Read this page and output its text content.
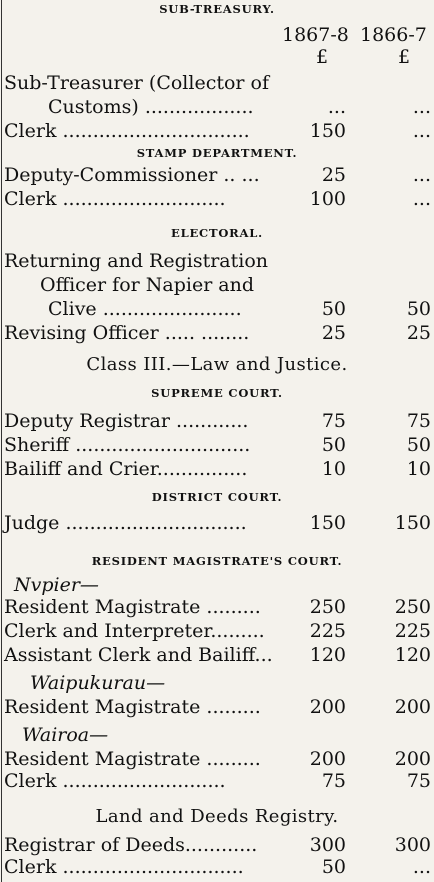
SUB-TREASURY.
1867-8 1866-7
£	£
Sub-Treasurer (Collector of
Customs) ..................	...	...
Clerk ...............................	150	...
STAMP DEPARTMENT.
Deputy-Commissioner .. ...	25	...
Clerk ...........................	100	...
ELECTORAL.
Returning and Registration
Officer for Napier and
Clive .......................	50	50
Revising Officer ..... ........	25	25
Class III.—Law and Justice.
SUPREME COURT.
Deputy Registrar ............	75	75
Sheriff .............................	50	50
Bailiff and Crier...............	10	10
DISTRICT COURT.
Judge ..............................	150	150
RESIDENT MAGISTRATE'S COURT.
Nvpier—
Resident Magistrate .........	250	250
Clerk and Interpreter......... 225	225
Assistant Clerk and Bailiff... 120	120
Waipukurau—
Resident Magistrate .........	200	200
Wairoa—
Resident Magistrate .........	200	200
Clerk ...........................	75	75
Land and Deeds Registry.
Registrar of Deeds............	300	300
Clerk ..............................	50	...
